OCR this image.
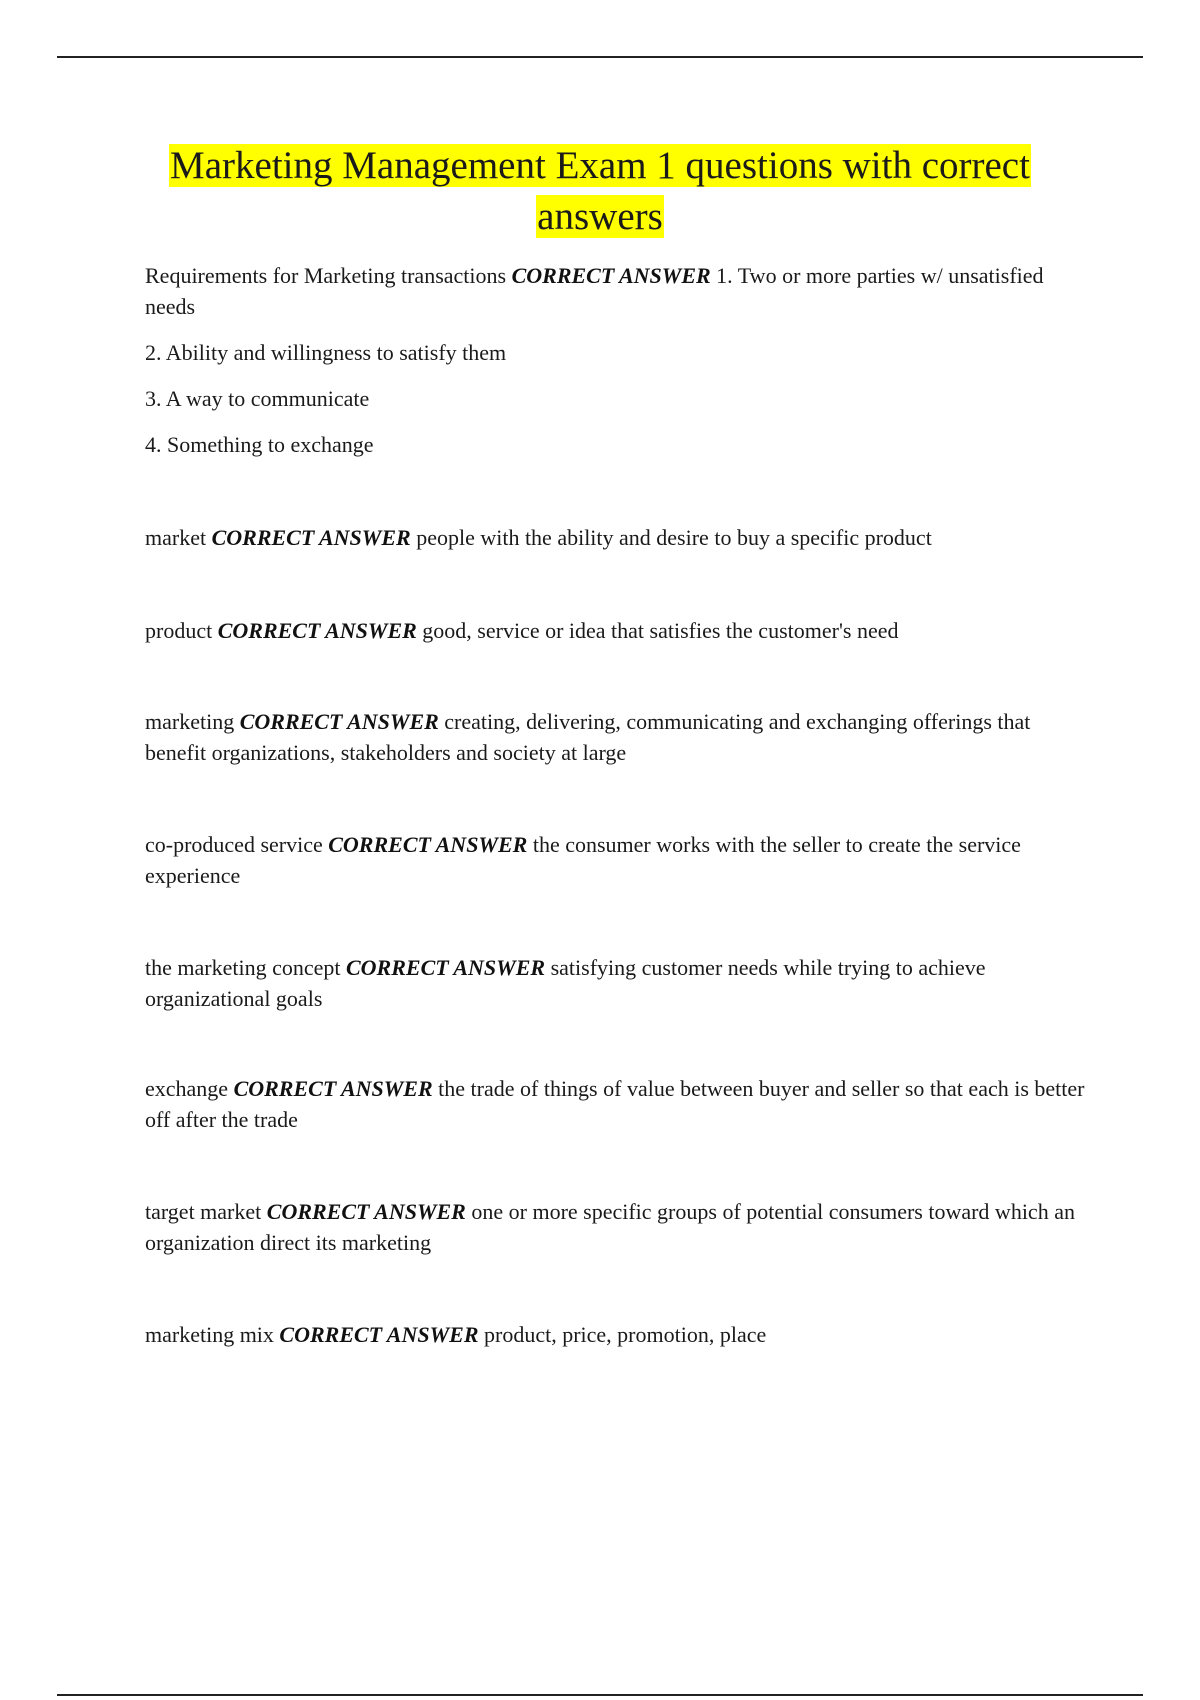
Marketing Management Exam 1 questions with correct answers

Requirements for Marketing transactions CORRECT ANSWER 1. Two or more parties w/ unsatisfied needs

2. Ability and willingness to satisfy them

3. A way to communicate

4. Something to exchange

market CORRECT ANSWER people with the ability and desire to buy a specific product

product CORRECT ANSWER good, service or idea that satisfies the customer's need

marketing CORRECT ANSWER creating, delivering, communicating and exchanging offerings that benefit organizations, stakeholders and society at large

co-produced service CORRECT ANSWER the consumer works with the seller to create the service experience

the marketing concept CORRECT ANSWER satisfying customer needs while trying to achieve organizational goals

exchange CORRECT ANSWER the trade of things of value between buyer and seller so that each is better off after the trade

target market CORRECT ANSWER one or more specific groups of potential consumers toward which an organization direct its marketing

marketing mix CORRECT ANSWER product, price, promotion, place
